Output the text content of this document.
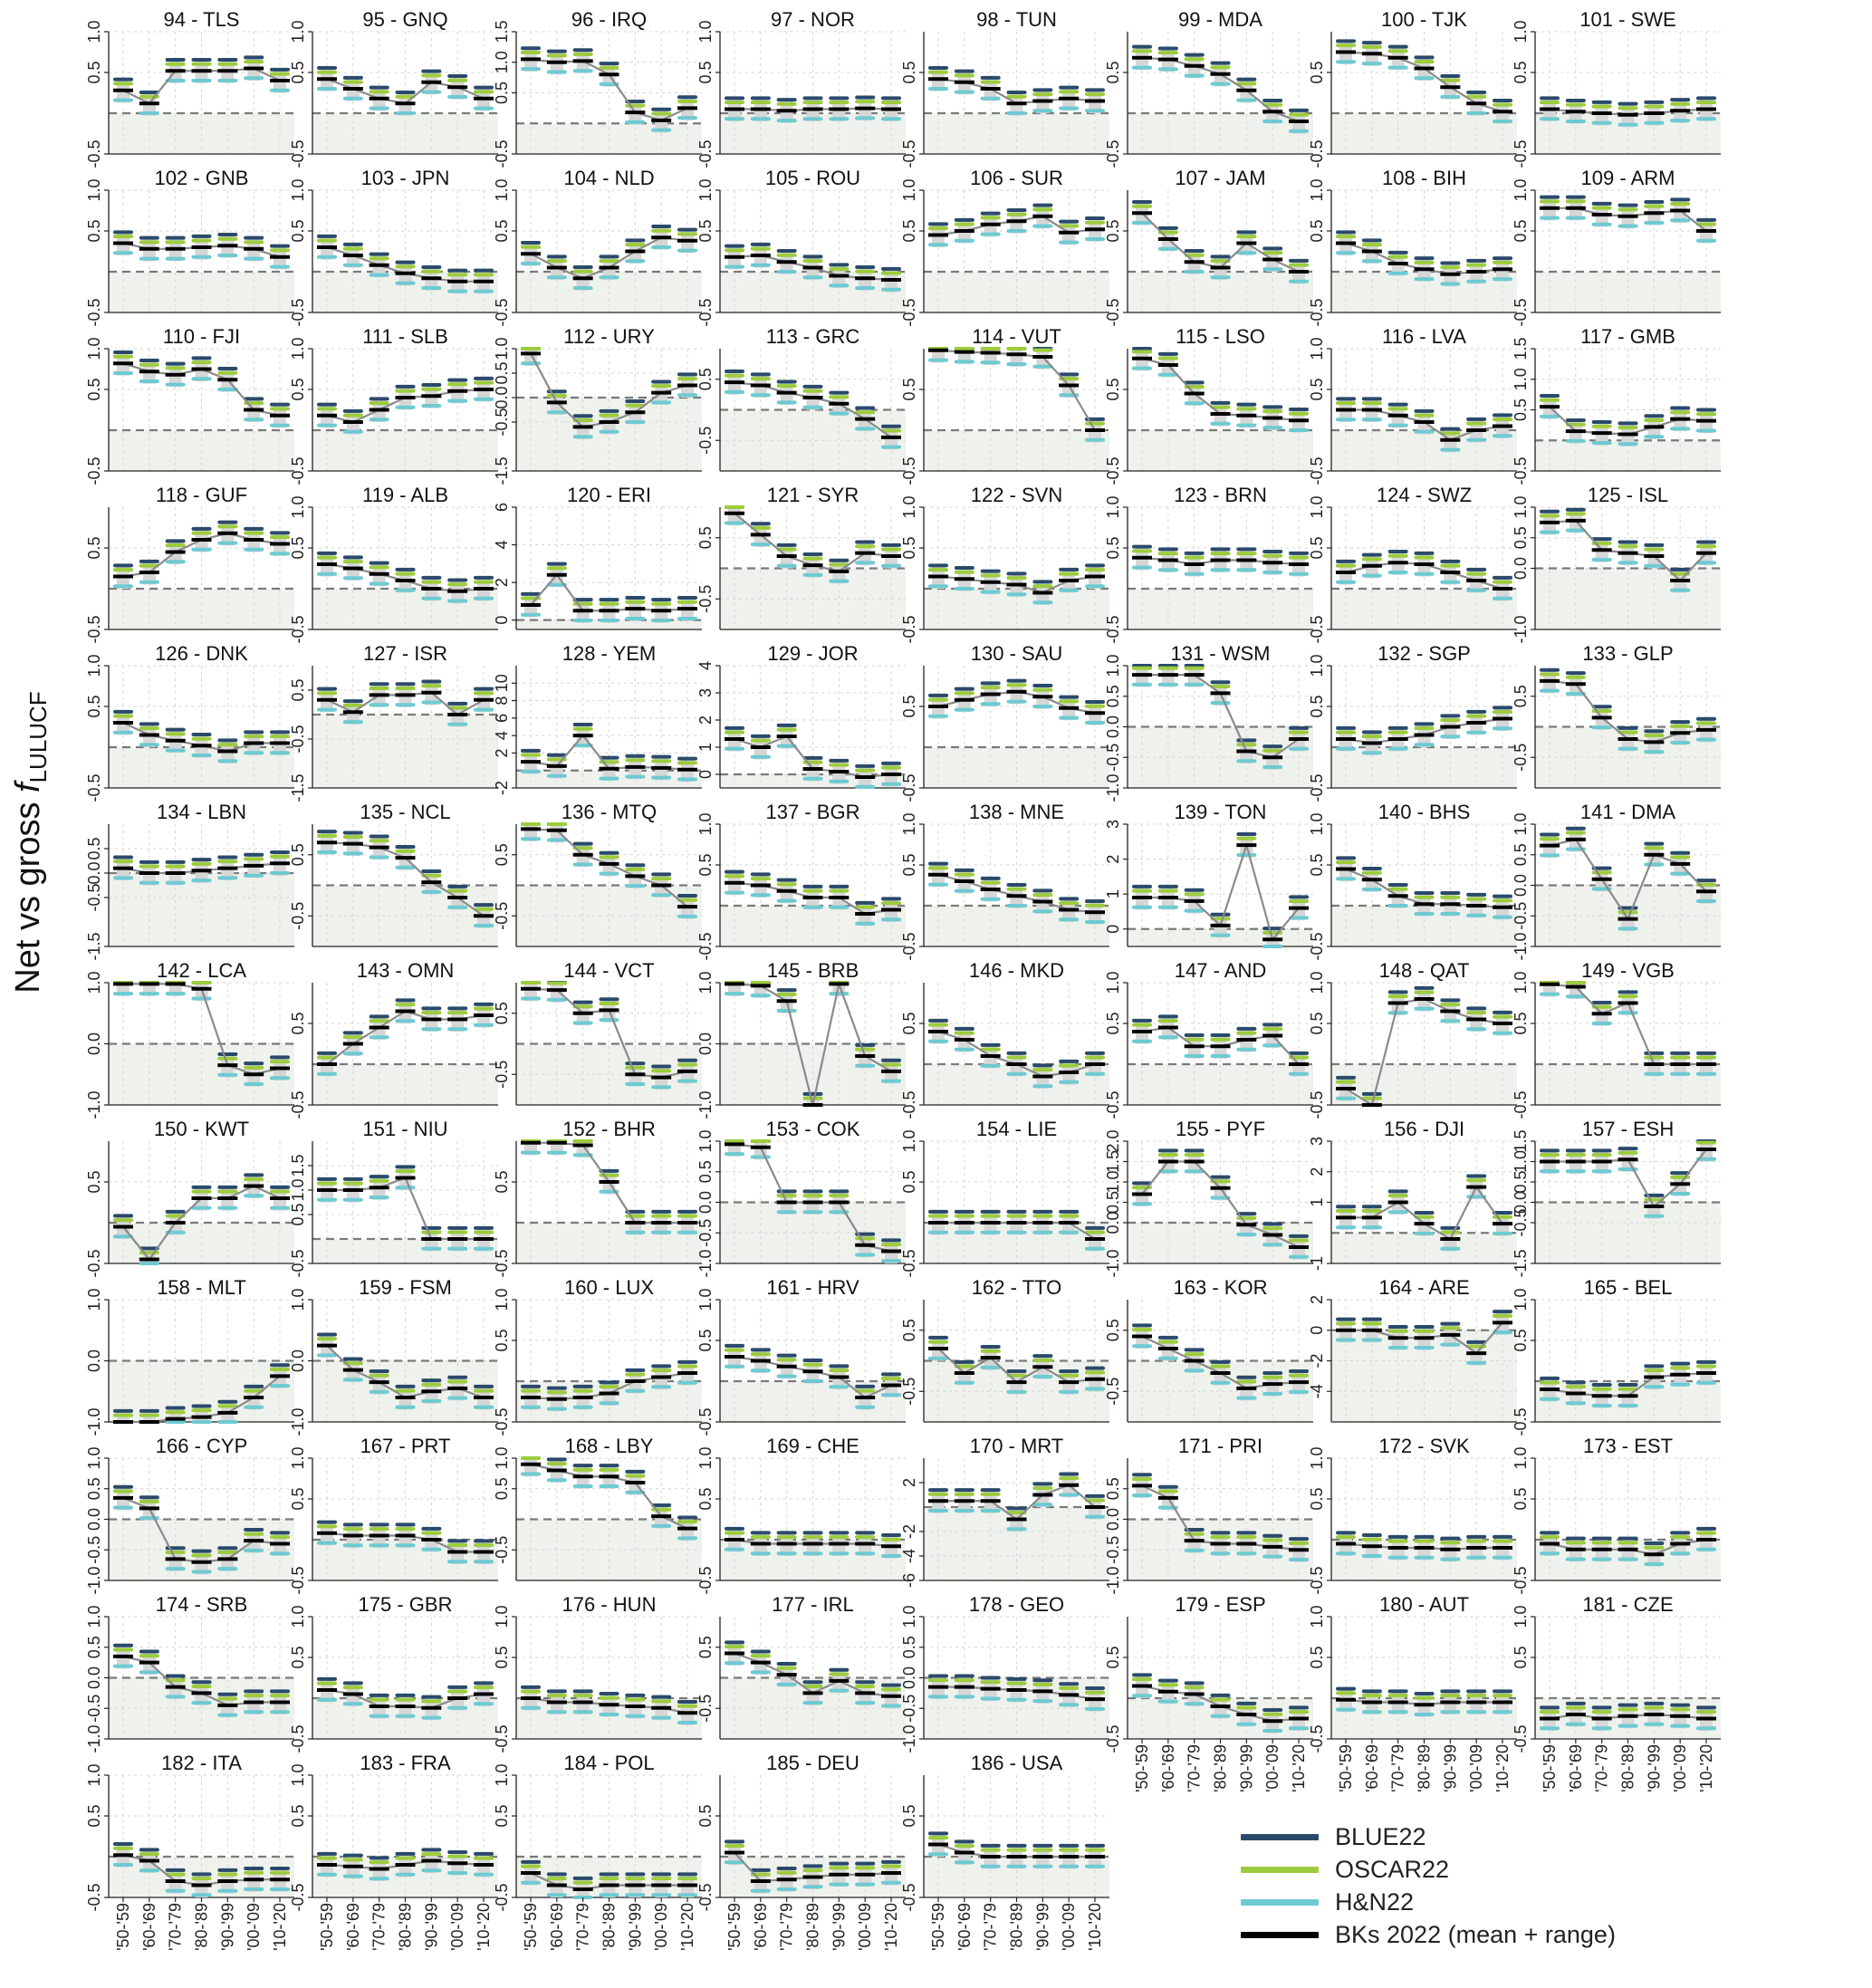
-0.5
0.5
1.0
94 - TLS
-0.5
0.5
1.0
95 - GNQ
-0.5
0.5
1.0
1.5
96 - IRQ
-0.5
0.5
1.0
97 - NOR
-0.5
0.5
98 - TUN
-0.5
0.5
99 - MDA
-0.5
0.5
100 - TJK
-0.5
0.5
1.0
101 - SWE
-0.5
0.5
1.0
102 - GNB
-0.5
0.5
1.0
103 - JPN
-0.5
0.5
1.0
104 - NLD
-0.5
0.5
1.0
105 - ROU
-0.5
0.5
1.0
106 - SUR
-0.5
0.5
107 - JAM
-0.5
0.5
1.0
108 - BIH
-0.5
0.5
1.0
109 - ARM
-0.5
0.5
1.0
110 - FJI
-0.5
0.5
1.0
111 - SLB
-1.5
-0.5
0.0
0.5
1.0
112 - URY
-0.5
0.5
113 - GRC
-0.5
0.5
114 - VUT
-0.5
0.5
115 - LSO
-0.5
0.5
1.0
116 - LVA
-0.5
0.5
1.0
1.5
117 - GMB
-0.5
0.5
118 - GUF
-0.5
0.5
1.0
119 - ALB
0
2
4
6
120 - ERI
-0.5
0.5
121 - SYR
-0.5
0.5
1.0
122 - SVN
-0.5
0.5
1.0
123 - BRN
-0.5
0.5
1.0
124 - SWZ
-1.0
0.0
0.5
1.0
125 - ISL
-0.5
0.5
1.0
126 - DNK
-1.5
-0.5
0.5
127 - ISR
-2
2
4
6
8
10
128 - YEM
0
1
2
3
4
129 - JOR
-0.5
0.5
130 - SAU
-1.0
-0.5
0.0
0.5
1.0
131 - WSM
-0.5
0.5
1.0
132 - SGP
-0.5
0.5
133 - GLP
-1.5
-0.5
0.0
0.5
134 - LBN
-0.5
0.5
135 - NCL
-0.5
0.5
136 - MTQ
-0.5
0.5
1.0
137 - BGR
-0.5
0.5
1.0
138 - MNE
0
1
2
3
139 - TON
-0.5
0.5
1.0
140 - BHS
-1.0
-0.5
0.0
0.5
1.0
141 - DMA
-1.0
0.0
1.0
142 - LCA
-0.5
0.5
143 - OMN
-0.5
0.5
144 - VCT
-1.0
0.0
1.0
145 - BRB
-0.5
0.5
146 - MKD
-0.5
0.5
1.0
147 - AND
-0.5
0.5
1.0
148 - QAT
-0.5
0.5
1.0
149 - VGB
-0.5
0.5
150 - KWT
-0.5
0.5
1.0
1.5
151 - NIU
-0.5
0.5
152 - BHR
-1.0
-0.5
0.0
0.5
1.0
153 - COK
-0.5
0.5
1.0
154 - LIE
-1.0
0.0
0.5
1.0
1.5
2.0
155 - PYF
-1
1
2
3
156 - DJI
-1.5
-0.5
0.0
0.5
1.0
1.5
157 - ESH
-1.0
0.0
1.0
158 - MLT
-1.0
0.0
1.0
159 - FSM
-0.5
0.5
1.0
160 - LUX
-0.5
0.5
1.0
161 - HRV
-0.5
0.5
162 - TTO
-0.5
0.5
163 - KOR
-4
-2
0
2
164 - ARE
-0.5
0.5
1.0
165 - BEL
-1.0
-0.5
0.0
0.5
1.0
166 - CYP
-0.5
0.5
1.0
167 - PRT
-0.5
0.5
1.0
168 - LBY
-0.5
0.5
1.0
169 - CHE
-6
-4
-2
2
170 - MRT
-1.0
-0.5
0.0
0.5
171 - PRI
-0.5
0.5
1.0
172 - SVK
-0.5
0.5
1.0
173 - EST
-1.0
-0.5
0.0
0.5
1.0
174 - SRB
-0.5
0.5
1.0
175 - GBR
-0.5
0.5
1.0
176 - HUN
-0.5
0.5
177 - IRL
-1.0
-0.5
0.0
0.5
1.0
178 - GEO
-0.5
0.5
179 - ESP
'50-'59 '60-'69 '70-'79 '80-'89 '90-'99 '00-'09 '10-'20
-0.5
0.5
1.0
180 - AUT
'50-'59 '60-'69 '70-'79 '80-'89 '90-'99 '00-'09 '10-'20
-0.5
0.5
1.0
181 - CZE
'50-'59 '60-'69 '70-'79 '80-'89 '90-'99 '00-'09 '10-'20
-0.5
0.5
1.0
182 - ITA
'50-'59 '60-'69 '70-'79 '80-'89 '90-'99 '00-'09 '10-'20
-0.5
0.5
1.0
183 - FRA
'50-'59 '60-'69 '70-'79 '80-'89 '90-'99 '00-'09 '10-'20
-0.5
0.5
1.0
184 - POL
'50-'59 '60-'69 '70-'79 '80-'89 '90-'99 '00-'09 '10-'20
-0.5
0.5
185 - DEU
'50-'59 '60-'69 '70-'79 '80-'89 '90-'99 '00-'09 '10-'20
-0.5
0.5
186 - USA
'50-'59 '60-'69 '70-'79 '80-'89 '90-'99 '00-'09 '10-'20
Net vs gross $f_{LULUCF}$
BLUE22
OSCAR22
H&N22
BKs 2022 (mean + range)
